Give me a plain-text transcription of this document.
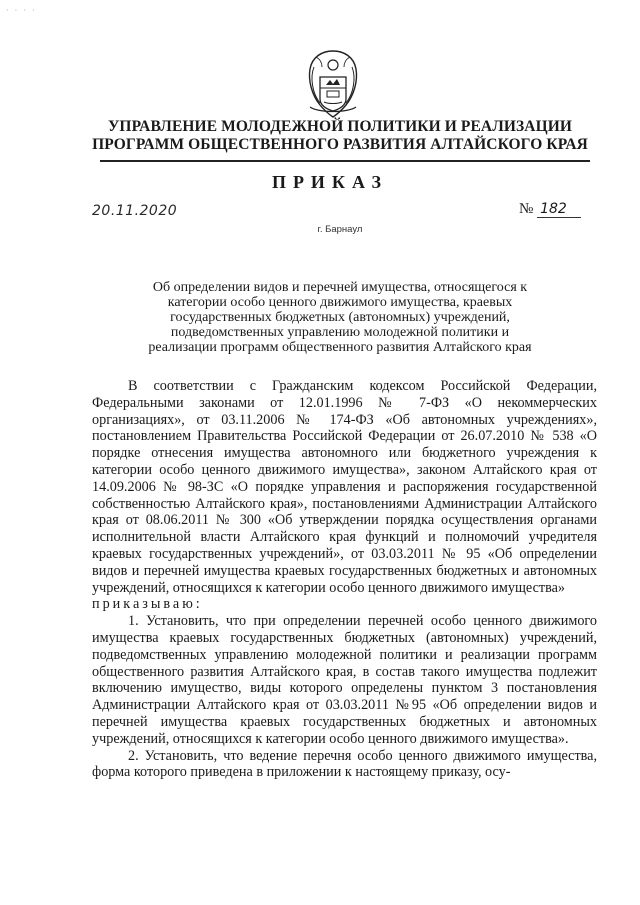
· · · ·
УПРАВЛЕНИЕ МОЛОДЕЖНОЙ ПОЛИТИКИ И РЕАЛИЗАЦИИ
ПРОГРАММ ОБЩЕСТВЕННОГО РАЗВИТИЯ АЛТАЙСКОГО КРАЯ
ПРИКАЗ
20.11.2020	№ 182
г. Барнаул
Об определении видов и перечней имущества, относящегося к
категории особо ценного движимого имущества, краевых
государственных бюджетных (автономных) учреждений,
подведомственных управлению молодежной политики и
реализации программ общественного развития Алтайского края

В соответствии с Гражданским кодексом Российской Федерации, Федеральными законами от 12.01.1996 № 7-ФЗ «О некоммерческих организациях», от 03.11.2006 № 174-ФЗ «Об автономных учреждениях», постановлением Правительства Российской Федерации от 26.07.2010 № 538 «О порядке отнесения имущества автономного или бюджетного учреждения к категории особо ценного движимого имущества», законом Алтайского края от 14.09.2006 № 98-ЗС «О порядке управления и распоряжения государственной собственностью Алтайского края», постановлениями Администрации Алтайского края от 08.06.2011 № 300 «Об утверждении порядка осуществления органами исполнительной власти Алтайского края функций и полномочий учредителя краевых государственных учреждений», от 03.03.2011 № 95 «Об определении видов и перечней имущества краевых государственных бюджетных и автономных учреждений, относящихся к категории особо ценного движимого имущества»

приказываю:

1. Установить, что при определении перечней особо ценного движимого имущества краевых государственных бюджетных (автономных) учреждений, подведомственных управлению молодежной политики и реализации программ общественного развития Алтайского края, в состав такого имущества подлежит включению имущество, виды которого определены пунктом 3 постановления Администрации Алтайского края от 03.03.2011 №95 «Об определении видов и перечней имущества краевых государственных бюджетных и автономных учреждений, относящихся к категории особо ценного движимого имущества».

2. Установить, что ведение перечня особо ценного движимого имущества, форма которого приведена в приложении к настоящему приказу, осу-
